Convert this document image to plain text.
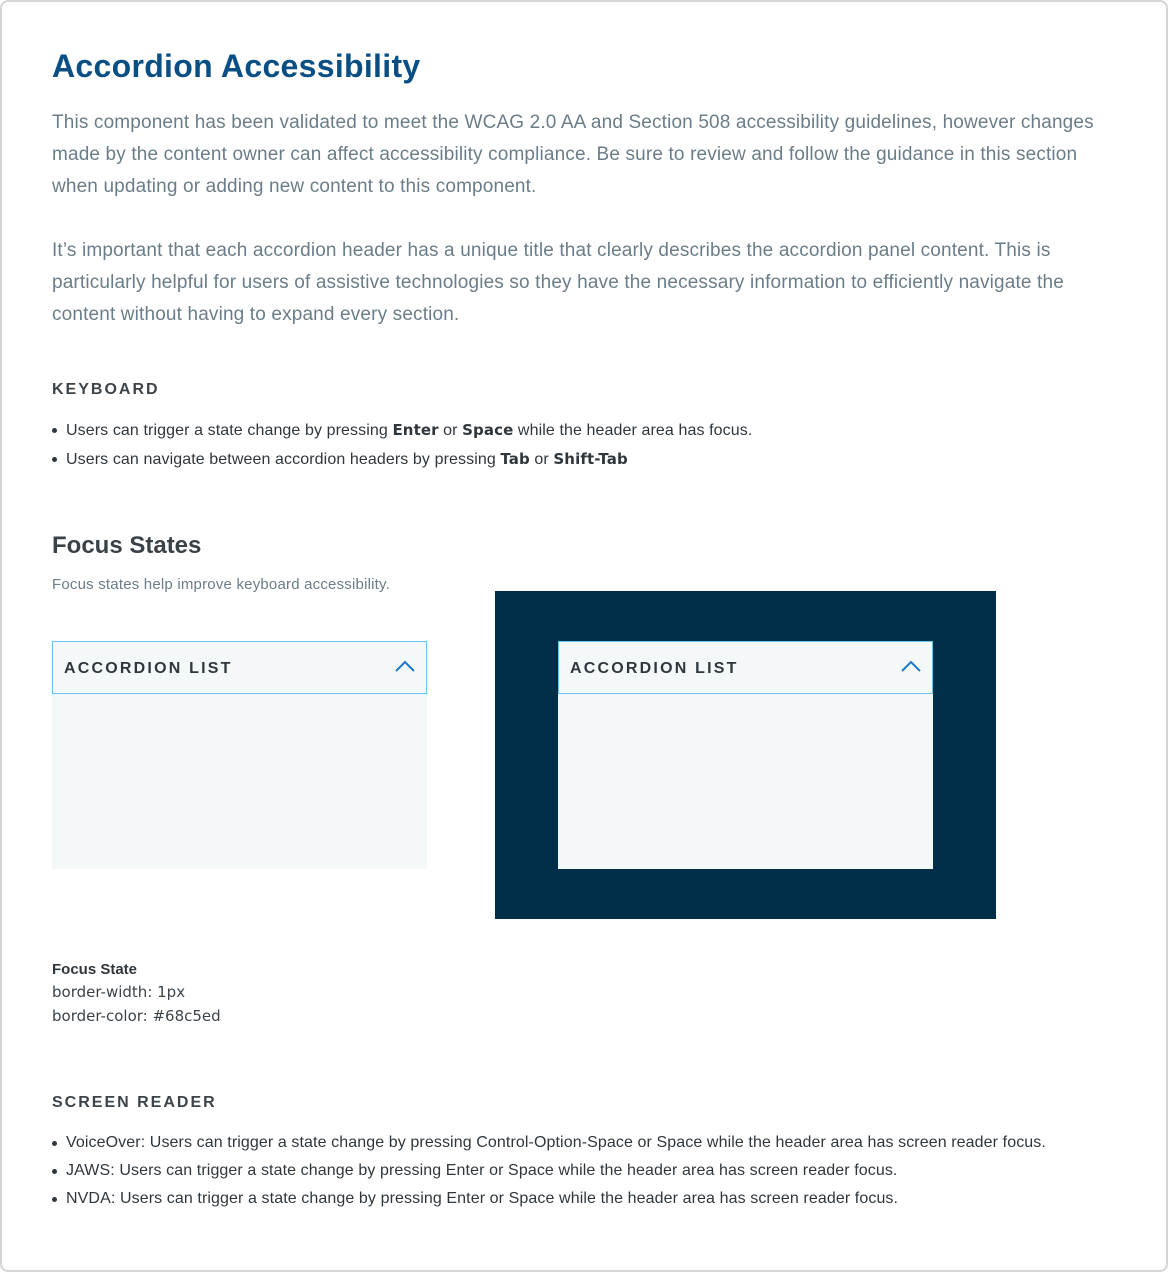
Accordion Accessibility

This component has been validated to meet the WCAG 2.0 AA and Section 508 accessibility guidelines, however changes made by the content owner can affect accessibility compliance. Be sure to review and follow the guidance in this section when updating or adding new content to this component.

It’s important that each accordion header has a unique title that clearly describes the accordion panel content. This is particularly helpful for users of assistive technologies so they have the necessary information to efficiently navigate the content without having to expand every section.

KEYBOARD
Users can trigger a state change by pressing Enter or Space while the header area has focus.
Users can navigate between accordion headers by pressing Tab or Shift-Tab
Focus States

Focus states help improve keyboard accessibility.

ACCORDION LIST	ACCORDION LIST
Focus State
border-width: 1px
border-color: #68c5ed
SCREEN READER
VoiceOver: Users can trigger a state change by pressing Control-Option-Space or Space while the header area has screen reader focus.
JAWS: Users can trigger a state change by pressing Enter or Space while the header area has screen reader focus.
NVDA: Users can trigger a state change by pressing Enter or Space while the header area has screen reader focus.
